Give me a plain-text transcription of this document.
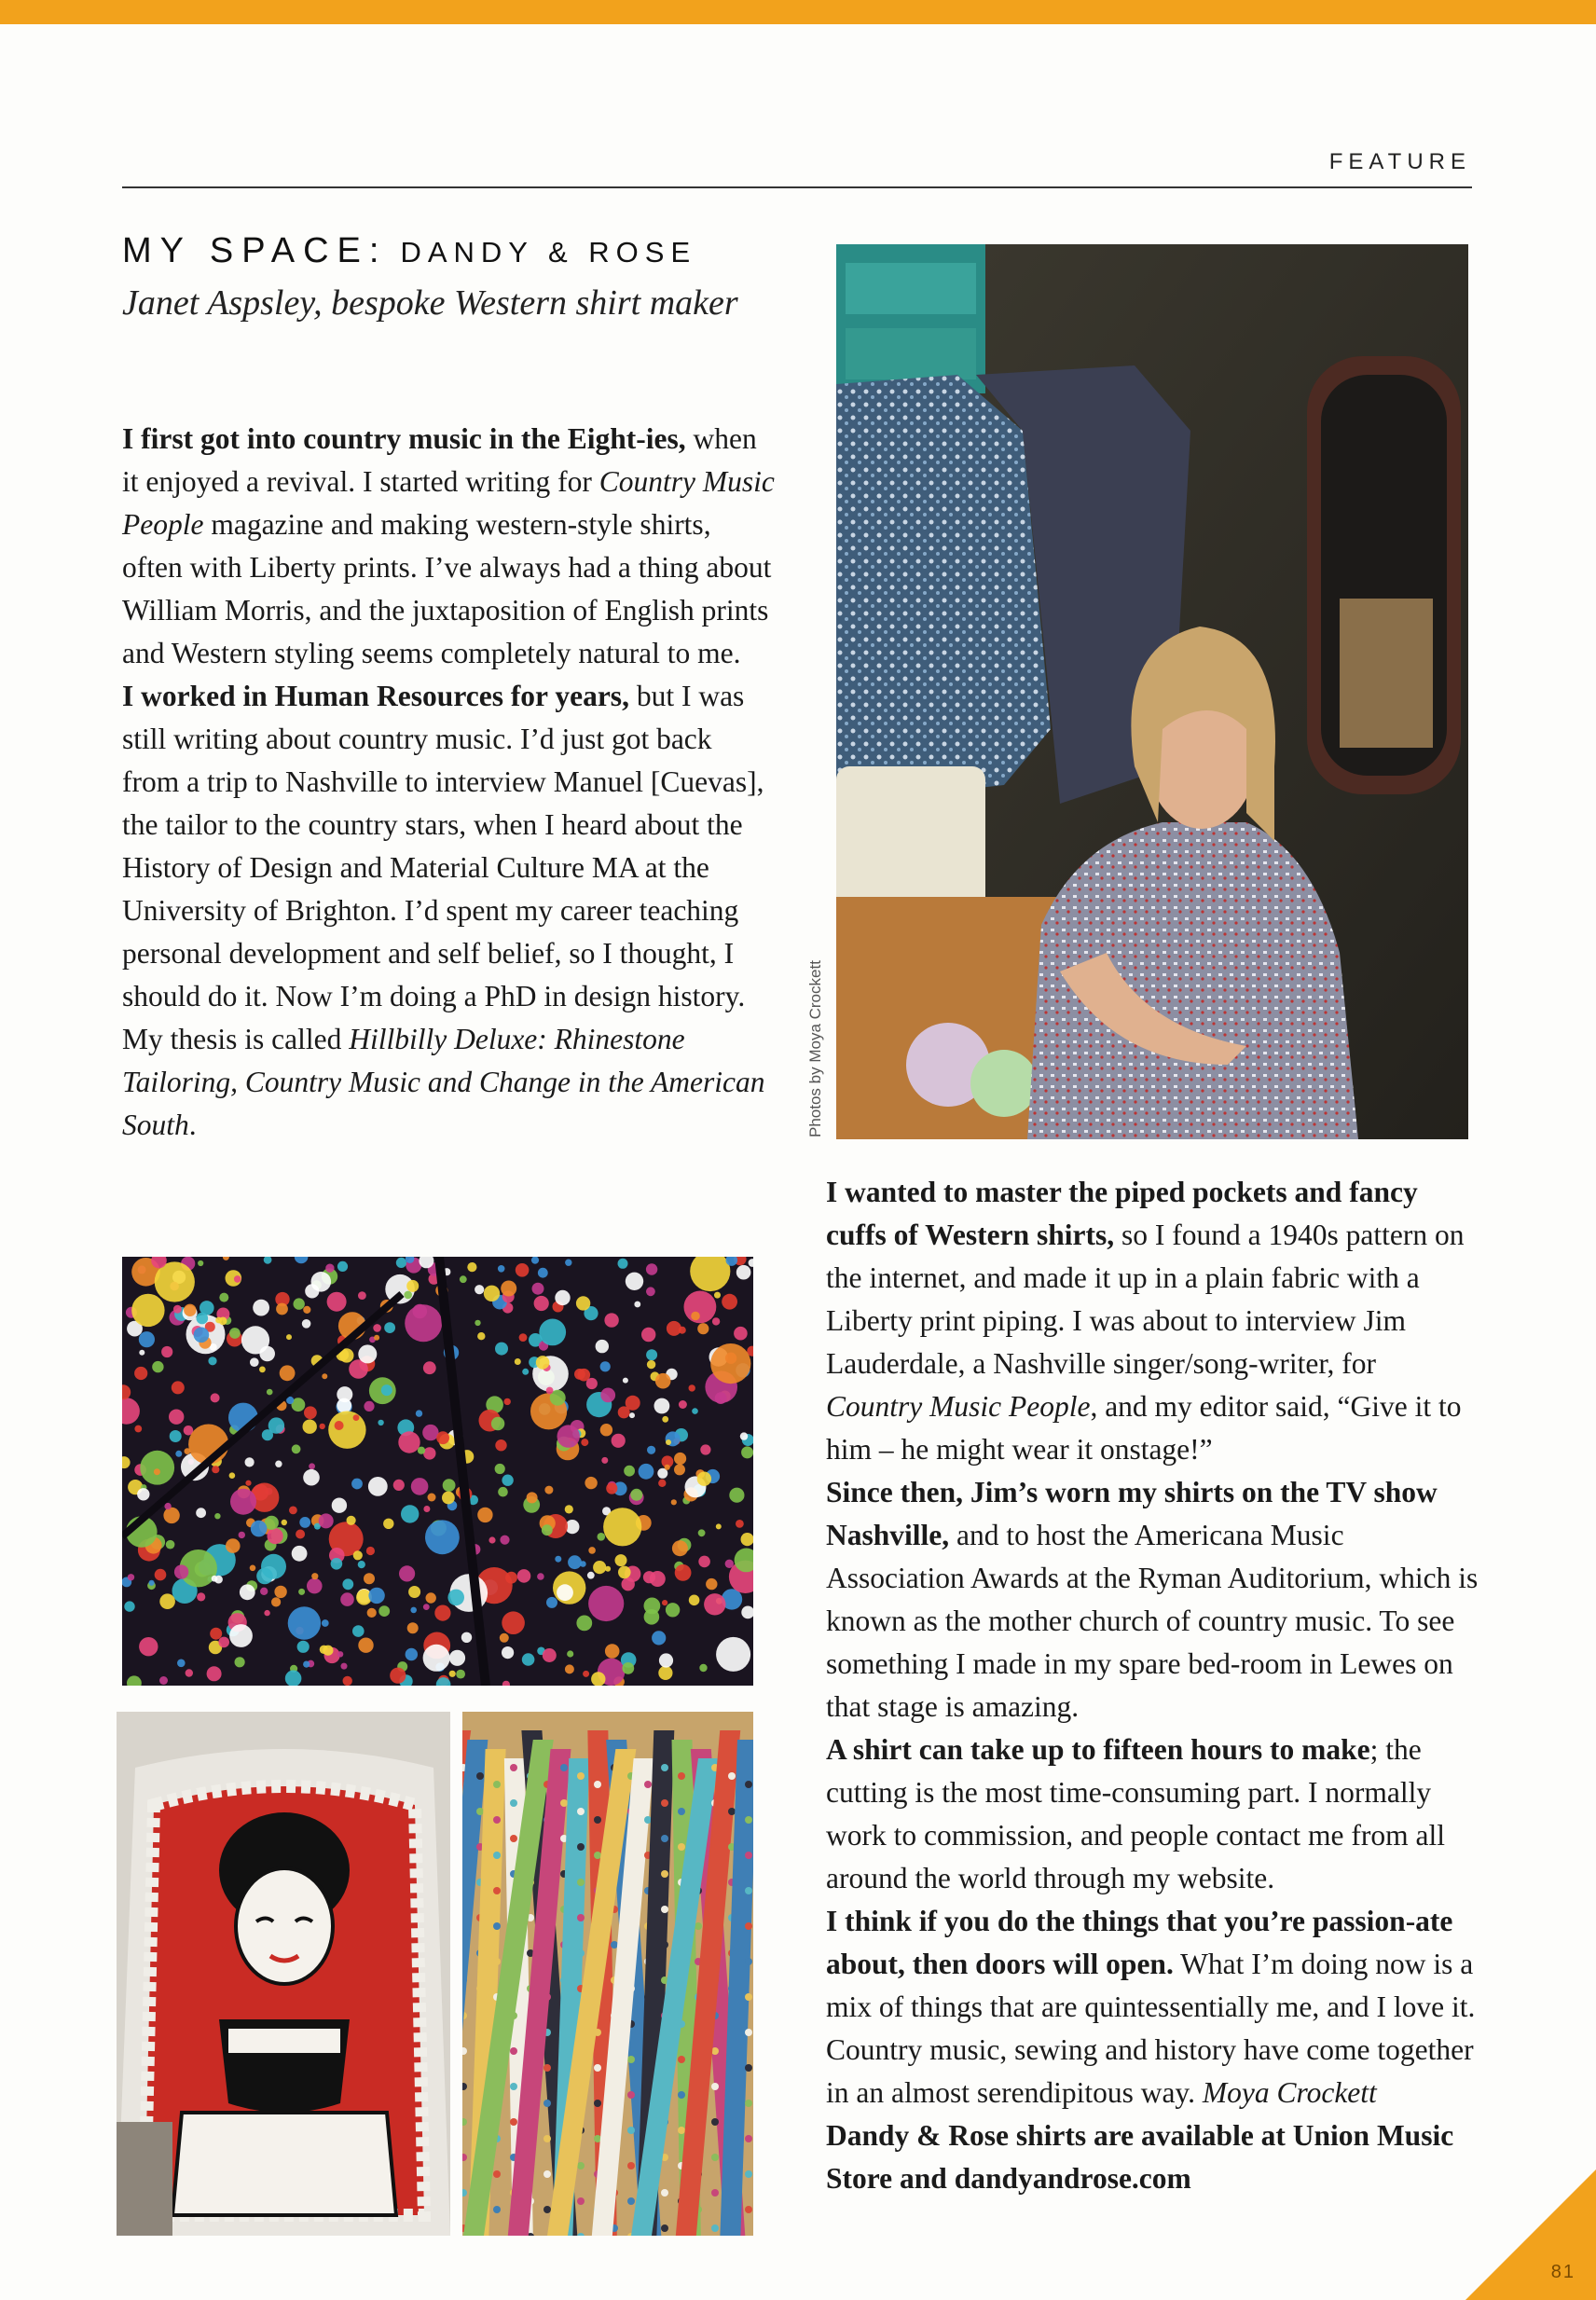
FEATURE
MY SPACE: DANDY & ROSE
Janet Aspsley, bespoke Western shirt maker

I first got into country music in the Eight-ies, when it enjoyed a revival. I started writing for Country Music People magazine and making western-style shirts, often with Liberty prints. I’ve always had a thing about William Morris, and the juxtaposition of English prints and Western styling seems completely natural to me.

I worked in Human Resources for years, but I was still writing about country music. I’d just got back from a trip to Nashville to interview Manuel [Cuevas], the tailor to the country stars, when I heard about the History of Design and Material Culture MA at the University of Brighton. I’d spent my career teaching personal development and self belief, so I thought, I should do it. Now I’m doing a PhD in design history. My thesis is called Hillbilly Deluxe: Rhinestone Tailoring, Country Music and Change in the American South.

I wanted to master the piped pockets and fancy cuffs of Western shirts, so I found a 1940s pattern on the internet, and made it up in a plain fabric with a Liberty print piping. I was about to interview Jim Lauderdale, a Nashville singer/song-writer, for Country Music People, and my editor said, “Give it to him – he might wear it onstage!”

Since then, Jim’s worn my shirts on the TV show Nashville, and to host the Americana Music Association Awards at the Ryman Auditorium, which is known as the mother church of country music. To see something I made in my spare bed-room in Lewes on that stage is amazing.

A shirt can take up to fifteen hours to make; the cutting is the most time-consuming part. I normally work to commission, and people contact me from all around the world through my website.

I think if you do the things that you’re passion-ate about, then doors will open. What I’m doing now is a mix of things that are quintessentially me, and I love it. Country music, sewing and history have come together in an almost serendipitous way. Moya Crockett

Dandy & Rose shirts are available at Union Music Store and dandyandrose.com

Photos by Moya Crockett
81
